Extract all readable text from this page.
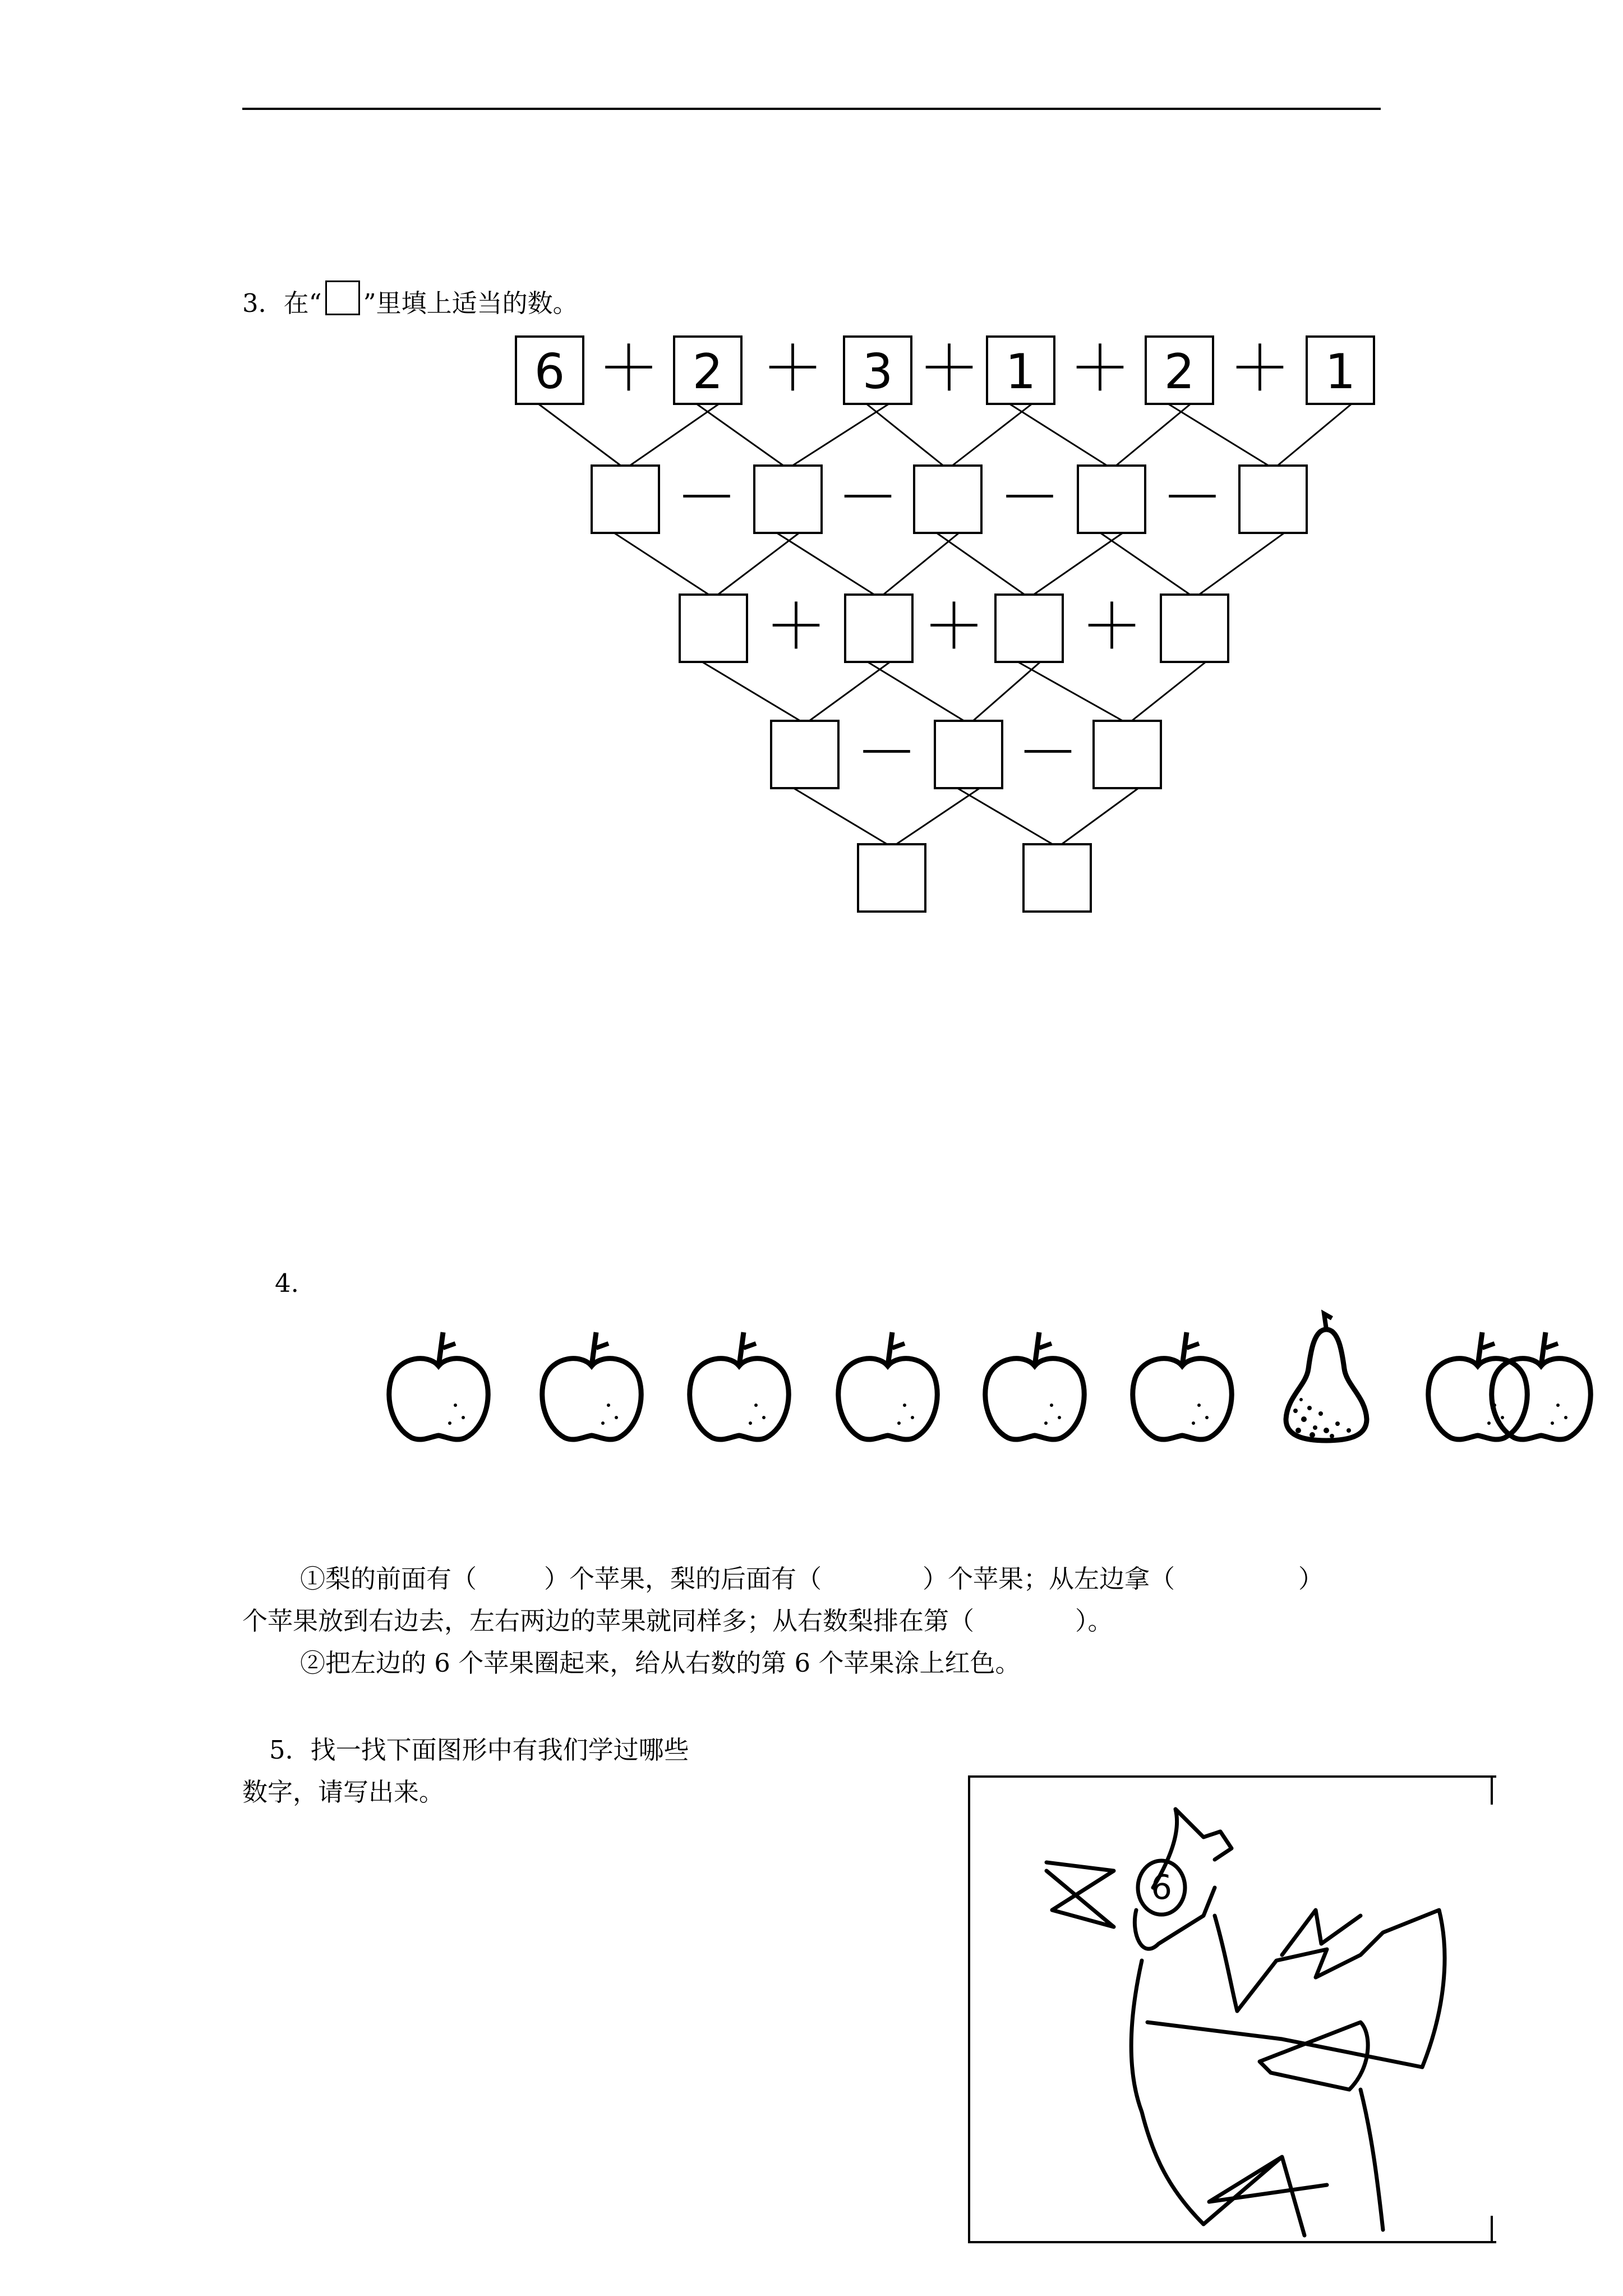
3．在“ ”里填上适当的数。
6	2	3 1	2	1
＋ ＋ ＋ ＋ ＋
－ － － －
＋ ＋ ＋
－ －
4.
①梨的前面有（	）个苹果，梨的后面有（	）个苹果；从左边拿（	）
个苹果放到右边去，左右两边的苹果就同样多；从右数梨排在第（	）。
②把左边的 6 个苹果圈起来，给从右数的第 6 个苹果涂上红色。
5．找一找下面图形中有我们学过哪些
数字，请写出来。
6
